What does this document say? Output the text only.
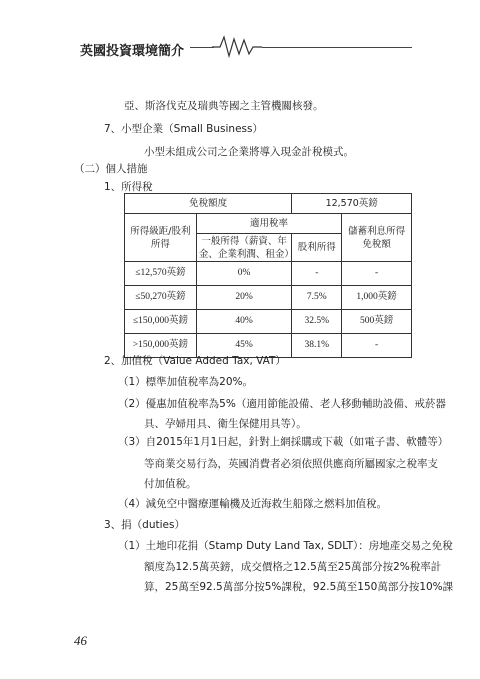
英國投資環境簡介
亞、斯洛伐克及瑞典等國之主管機關核發。
7、小型企業（Small Business）
小型未組成公司之企業將導入現金計稅模式。
（二）個人措施
1、所得稅
免稅額度		12,570英鎊	
所得級距/股利所得	適用稅率		儲蓄利息所得免稅額
	一般所得（薪資、年金、企業利潤、租金）	股利所得	
≤12,570英鎊	0%	-	-
≤50,270英鎊	20%	7.5%	1,000英鎊
≤150,000英鎊	40%	32.5%	500英鎊
>150,000英鎊	45%	38.1%	-
2、加值稅（Value Added Tax, VAT）
（1）標準加值稅率為20%。
（2）優惠加值稅率為5%（適用節能設備、老人移動輔助設備、戒菸器
具、孕婦用具、衛生保健用具等）。
（3）自2015年1月1日起，針對上網採購或下載（如電子書、軟體等）
等商業交易行為，英國消費者必須依照供應商所屬國家之稅率支
付加值稅。
（4）減免空中醫療運輸機及近海救生船隊之燃料加值稅。
3、捐（duties）
（1）土地印花捐（Stamp Duty Land Tax, SDLT）：房地產交易之免稅
額度為12.5萬英鎊，成交價格之12.5萬至25萬部分按2%稅率計
算，25萬至92.5萬部分按5%課稅，92.5萬至150萬部分按10%課
46
